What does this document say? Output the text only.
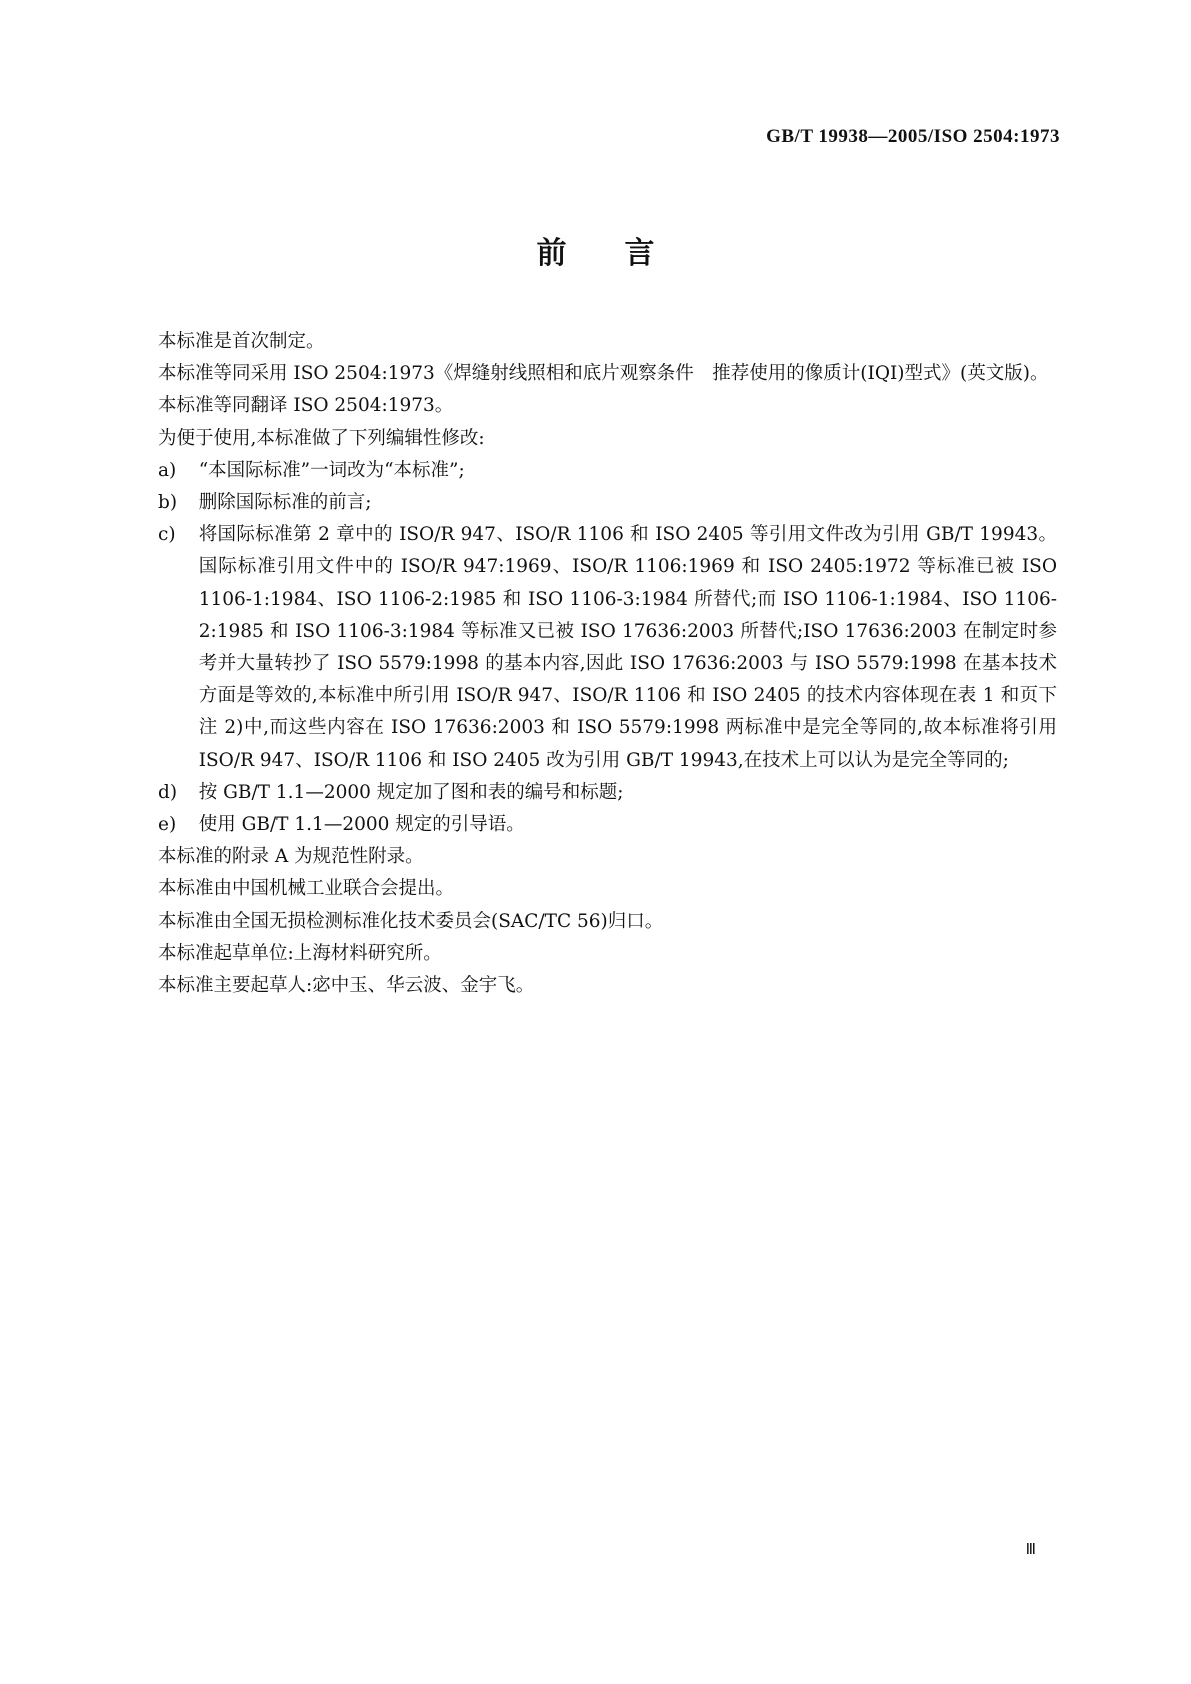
GB/T 19938—2005/ISO 2504:1973
前言

本标准是首次制定。

本标准等同采用 ISO 2504:1973《焊缝射线照相和底片观察条件　推荐使用的像质计(IQI)型式》(英文版)。

本标准等同翻译 ISO 2504:1973。

为便于使用,本标准做了下列编辑性修改:

a)	“本国际标准”一词改为“本标准”;
b)	删除国际标准的前言;
c)	将国际标准第 2 章中的 ISO/R 947、ISO/R 1106 和 ISO 2405 等引用文件改为引用 GB/T 19943。国际标准引用文件中的 ISO/R 947:1969、ISO/R 1106:1969 和 ISO 2405:1972 等标准已被 ISO 1106-1:1984、ISO 1106-2:1985 和 ISO 1106-3:1984 所替代;而 ISO 1106-1:1984、ISO 1106-2:1985 和 ISO 1106-3:1984 等标准又已被 ISO 17636:2003 所替代;ISO 17636:2003 在制定时参考并大量转抄了 ISO 5579:1998 的基本内容,因此 ISO 17636:2003 与 ISO 5579:1998 在基本技术方面是等效的,本标准中所引用 ISO/R 947、ISO/R 1106 和 ISO 2405 的技术内容体现在表 1 和页下注 2)中,而这些内容在 ISO 17636:2003 和 ISO 5579:1998 两标准中是完全等同的,故本标准将引用 ISO/R 947、ISO/R 1106 和 ISO 2405 改为引用 GB/T 19943,在技术上可以认为是完全等同的;
d)	按 GB/T 1.1—2000 规定加了图和表的编号和标题;
e)	使用 GB/T 1.1—2000 规定的引导语。

本标准的附录 A 为规范性附录。

本标准由中国机械工业联合会提出。

本标准由全国无损检测标准化技术委员会(SAC/TC 56)归口。

本标准起草单位:上海材料研究所。

本标准主要起草人:宓中玉、华云波、金宇飞。

Ⅲ
